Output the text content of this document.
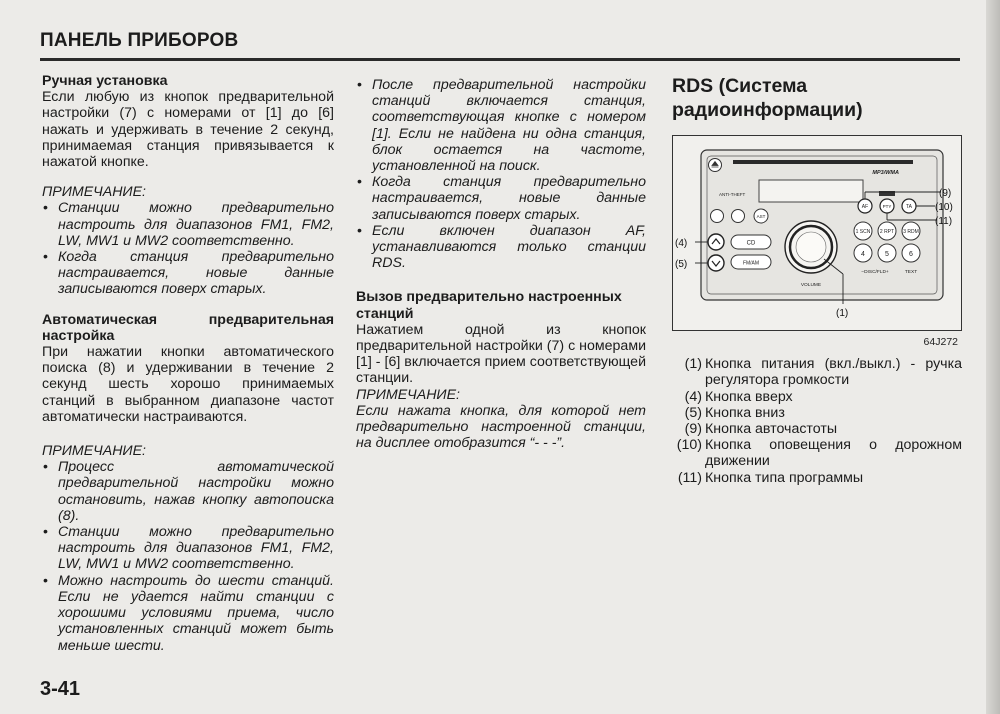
ПАНЕЛЬ ПРИБОРОВ

Ручная установка

Если любую из кнопок предварительной настройки (7) с номерами от [1] до [6] нажать и удерживать в течение 2 секунд, принимаемая станция привязывается к нажатой кнопке.

ПРИМЕЧАНИЕ:

• Станции можно предварительно настроить для диапазонов FM1, FM2, LW, MW1 и MW2 соответственно.
• Когда станция предварительно настраивается, новые данные записываются поверх старых.

Автоматическая предварительная настройка

При нажатии кнопки автоматического поиска (8) и удерживании в течение 2 секунд шесть хорошо принимаемых станций в выбранном диапазоне частот автоматически настраиваются.

ПРИМЕЧАНИЕ:

• Процесс автоматической предварительной настройки можно остановить, нажав кнопку автопоиска (8).
• Станции можно предварительно настроить для диапазонов FM1, FM2, LW, MW1 и MW2 соответственно.
• Можно настроить до шести станций. Если не удается найти станции с хорошими условиями приема, число установленных станций может быть меньше шести.
• После предварительной настройки станций включается станция, соответствующая кнопке с номером [1]. Если не найдена ни одна станция, блок остается на частоте, установленной на поиск.
• Когда станция предварительно настраивается, новые данные записываются поверх старых.
• Если включен диапазон AF, устанавливаются только станции RDS.

Вызов предварительно настроенных станций

Нажатием одной из кнопок предварительной настройки (7) с номерами [1] - [6] включается прием соответствующей станции.

ПРИМЕЧАНИЕ:

Если нажата кнопка, для которой нет предварительно настроенной станции, на дисплее отобразится “- - -”.

RDS (Система радиоинформации)
MP3/WMA
ANTI-THEFT
AST
CD
FM/AM
VOLUME
AF	PTY	TA
1 SCN 2 RPT 3 RDM
4	5	6
−DISC/FLD+	TEXT
(4)
(5)
(9)
(10)
(11)
(1)
64J272
(1) Кнопка питания (вкл./выкл.) - ручка регулятора громкости
(4) Кнопка вверх
(5) Кнопка вниз
(9) Кнопка авточастоты
(10) Кнопка оповещения о дорожном движении
(11) Кнопка типа программы
3-41
